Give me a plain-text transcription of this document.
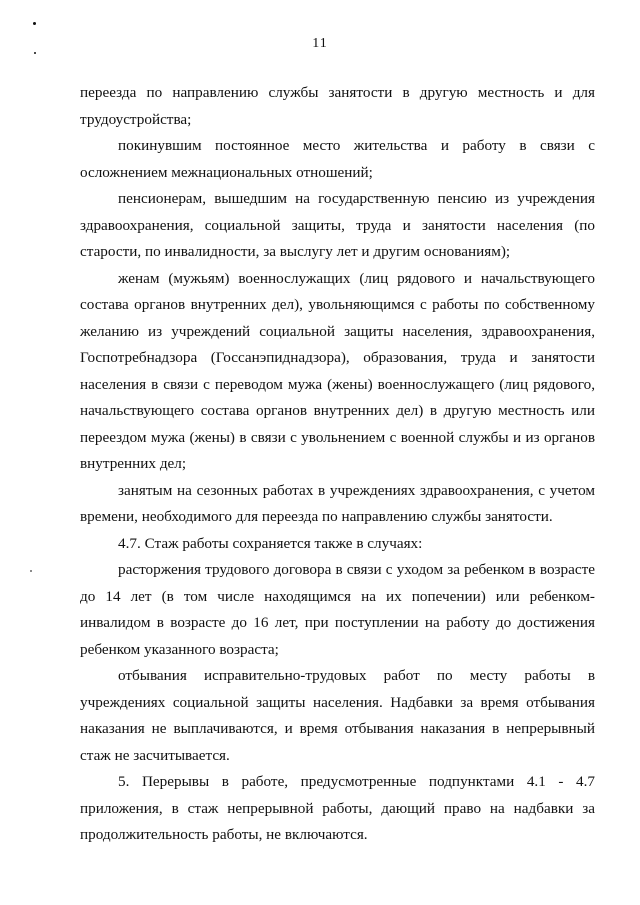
11

переезда по направлению службы занятости в другую местность и для трудоустройства;

покинувшим постоянное место жительства и работу в связи с осложнением межнациональных отношений;

пенсионерам, вышедшим на государственную пенсию из учреждения здравоохранения, социальной защиты, труда и занятости населения (по старости, по инвалидности, за выслугу лет и другим основаниям);

женам (мужьям) военнослужащих (лиц рядового и начальствующего состава органов внутренних дел), увольняющимся с работы по собственному желанию из учреждений социальной защиты населения, здравоохранения, Госпотребнадзора (Госсанэпиднадзора), образования, труда и занятости населения в связи с переводом мужа (жены) военнослужащего (лиц рядового, начальствующего состава органов внутренних дел) в другую местность или переездом мужа (жены) в связи с увольнением с военной службы и из органов внутренних дел;

занятым на сезонных работах в учреждениях здравоохранения, с учетом времени, необходимого для переезда по направлению службы занятости.

4.7. Стаж работы сохраняется также в случаях:

расторжения трудового договора в связи с уходом за ребенком в возрасте до 14 лет (в том числе находящимся на их попечении) или ребенком-инвалидом в возрасте до 16 лет, при поступлении на работу до достижения ребенком указанного возраста;

отбывания исправительно-трудовых работ по месту работы в учреждениях социальной защиты населения. Надбавки за время отбывания наказания не выплачиваются, и время отбывания наказания в непрерывный стаж не засчитывается.

5. Перерывы в работе, предусмотренные подпунктами 4.1 - 4.7 приложения, в стаж непрерывной работы, дающий право на надбавки за продолжительность работы, не включаются.
